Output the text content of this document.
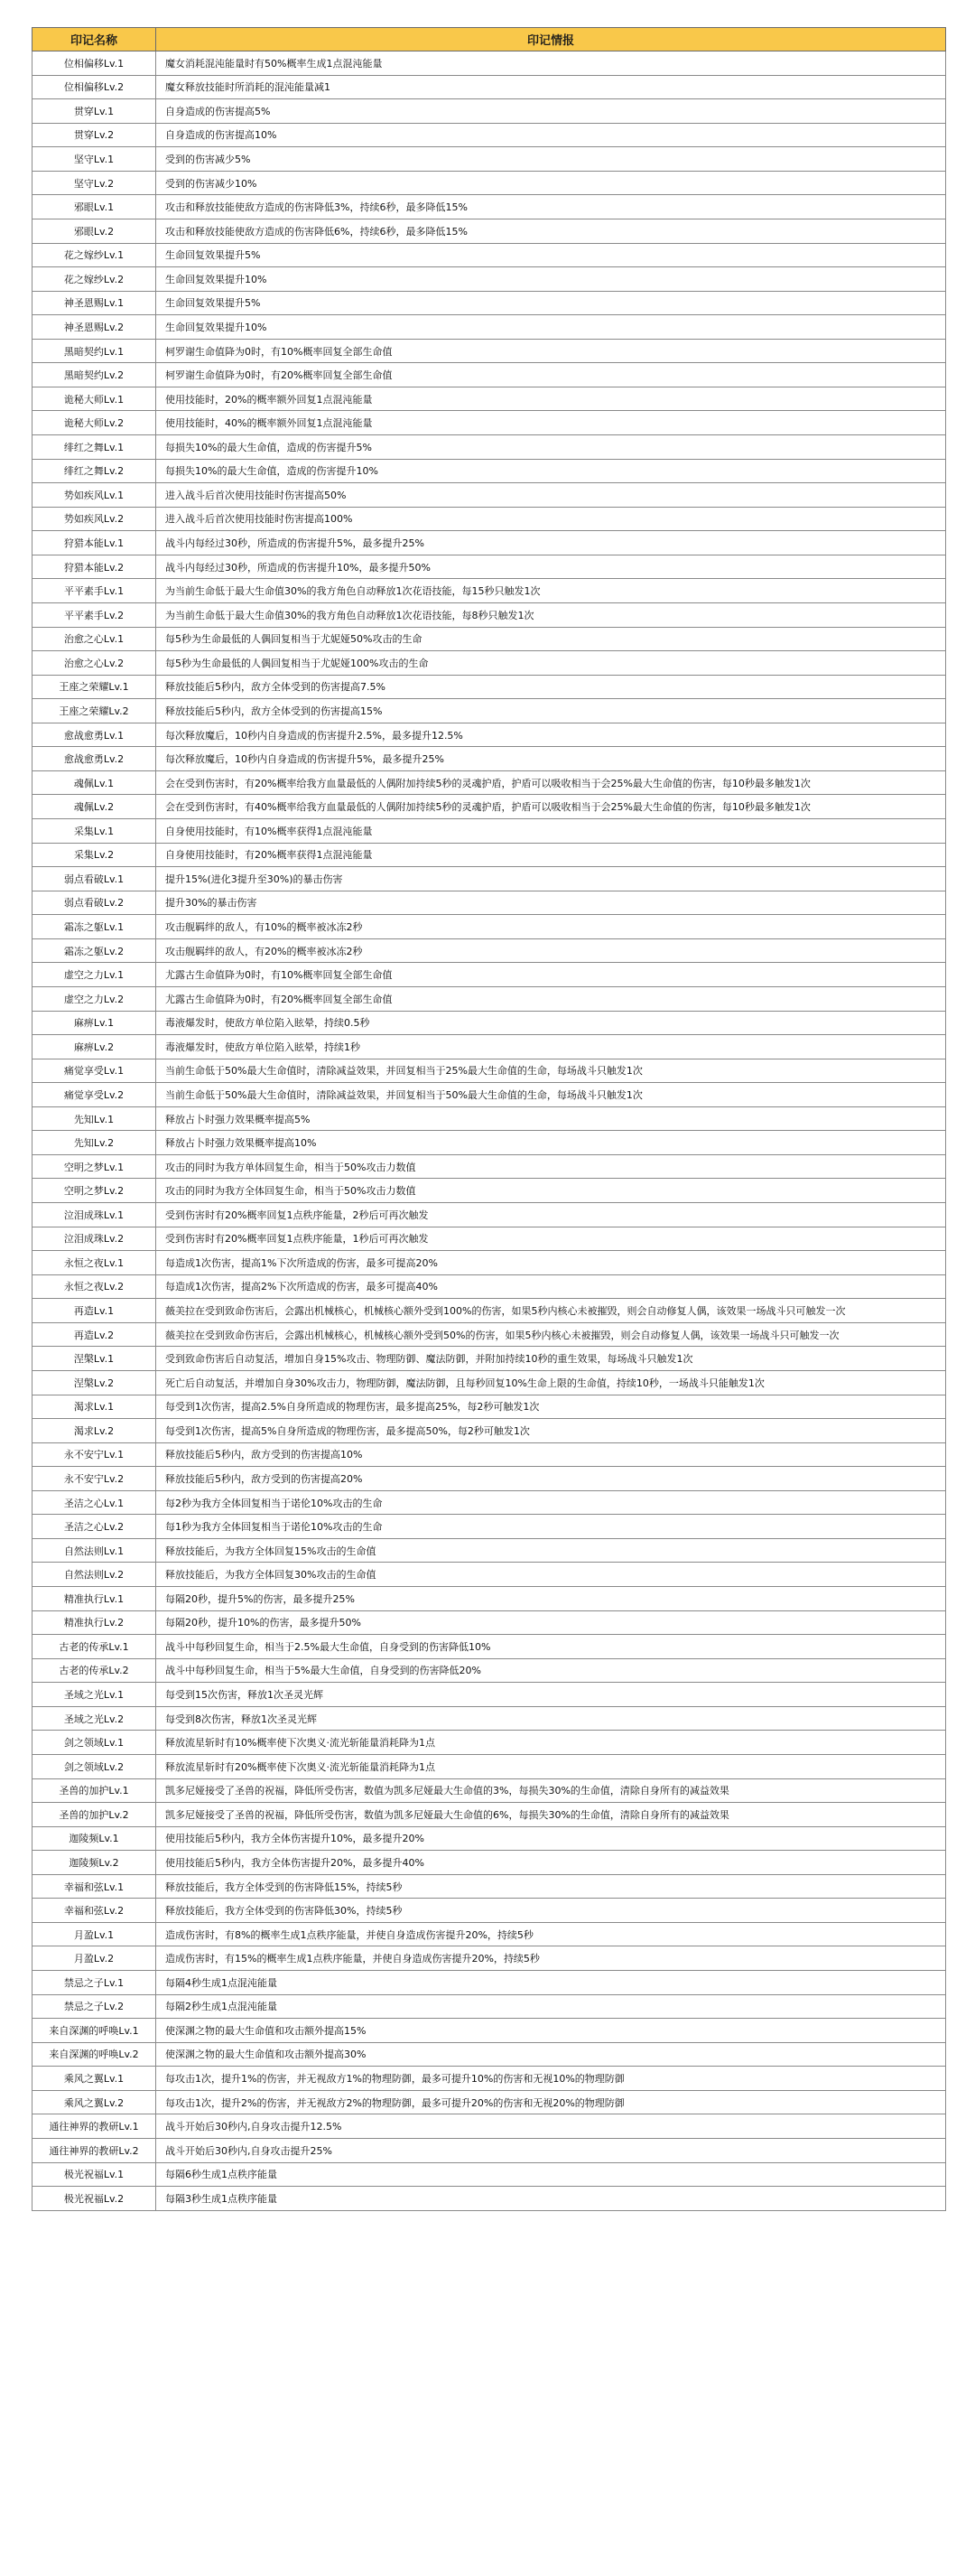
印记名称	印记情报
位相偏移Lv.1	魔女消耗混沌能量时有50%概率生成1点混沌能量
位相偏移Lv.2	魔女释放技能时所消耗的混沌能量减1
贯穿Lv.1	自身造成的伤害提高5%
贯穿Lv.2	自身造成的伤害提高10%
坚守Lv.1	受到的伤害减少5%
坚守Lv.2	受到的伤害减少10%
邪眼Lv.1	攻击和释放技能使敌方造成的伤害降低3%，持续6秒，最多降低15%
邪眼Lv.2	攻击和释放技能使敌方造成的伤害降低6%，持续6秒，最多降低15%
花之嫁纱Lv.1	生命回复效果提升5%
花之嫁纱Lv.2	生命回复效果提升10%
神圣恩赐Lv.1	生命回复效果提升5%
神圣恩赐Lv.2	生命回复效果提升10%
黑暗契约Lv.1	柯罗谢生命值降为0时，有10%概率回复全部生命值
黑暗契约Lv.2	柯罗谢生命值降为0时，有20%概率回复全部生命值
诡秘大师Lv.1	使用技能时，20%的概率额外回复1点混沌能量
诡秘大师Lv.2	使用技能时，40%的概率额外回复1点混沌能量
绯红之舞Lv.1	每损失10%的最大生命值，造成的伤害提升5%
绯红之舞Lv.2	每损失10%的最大生命值，造成的伤害提升10%
势如疾风Lv.1	进入战斗后首次使用技能时伤害提高50%
势如疾风Lv.2	进入战斗后首次使用技能时伤害提高100%
狩猎本能Lv.1	战斗内每经过30秒，所造成的伤害提升5%，最多提升25%
狩猎本能Lv.2	战斗内每经过30秒，所造成的伤害提升10%，最多提升50%
平平素手Lv.1	为当前生命低于最大生命值30%的我方角色自动释放1次花语技能，每15秒只触发1次
平平素手Lv.2	为当前生命低于最大生命值30%的我方角色自动释放1次花语技能，每8秒只触发1次
治愈之心Lv.1	每5秒为生命最低的人偶回复相当于尤妮娅50%攻击的生命
治愈之心Lv.2	每5秒为生命最低的人偶回复相当于尤妮娅100%攻击的生命
王座之荣耀Lv.1	释放技能后5秒内，敌方全体受到的伤害提高7.5%
王座之荣耀Lv.2	释放技能后5秒内，敌方全体受到的伤害提高15%
愈战愈勇Lv.1	每次释放魔后，10秒内自身造成的伤害提升2.5%，最多提升12.5%
愈战愈勇Lv.2	每次释放魔后，10秒内自身造成的伤害提升5%，最多提升25%
魂佩Lv.1	会在受到伤害时，有20%概率给我方血量最低的人偶附加持续5秒的灵魂护盾，护盾可以吸收相当于会25%最大生命值的伤害，每10秒最多触发1次
魂佩Lv.2	会在受到伤害时，有40%概率给我方血量最低的人偶附加持续5秒的灵魂护盾，护盾可以吸收相当于会25%最大生命值的伤害，每10秒最多触发1次
采集Lv.1	自身使用技能时，有10%概率获得1点混沌能量
采集Lv.2	自身使用技能时，有20%概率获得1点混沌能量
弱点看破Lv.1	提升15%(进化3提升至30%)的暴击伤害
弱点看破Lv.2	提升30%的暴击伤害
霜冻之躯Lv.1	攻击舰羁绊的敌人，有10%的概率被冰冻2秒
霜冻之躯Lv.2	攻击舰羁绊的敌人，有20%的概率被冰冻2秒
虚空之力Lv.1	尤露古生命值降为0时，有10%概率回复全部生命值
虚空之力Lv.2	尤露古生命值降为0时，有20%概率回复全部生命值
麻痹Lv.1	毒液爆发时，使敌方单位陷入眩晕，持续0.5秒
麻痹Lv.2	毒液爆发时，使敌方单位陷入眩晕，持续1秒
痛觉享受Lv.1	当前生命低于50%最大生命值时，清除减益效果，并回复相当于25%最大生命值的生命，每场战斗只触发1次
痛觉享受Lv.2	当前生命低于50%最大生命值时，清除减益效果，并回复相当于50%最大生命值的生命，每场战斗只触发1次
先知Lv.1	释放占卜时强力效果概率提高5%
先知Lv.2	释放占卜时强力效果概率提高10%
空明之梦Lv.1	攻击的同时为我方单体回复生命，相当于50%攻击力数值
空明之梦Lv.2	攻击的同时为我方全体回复生命，相当于50%攻击力数值
泣泪成珠Lv.1	受到伤害时有20%概率回复1点秩序能量，2秒后可再次触发
泣泪成珠Lv.2	受到伤害时有20%概率回复1点秩序能量，1秒后可再次触发
永恒之夜Lv.1	每造成1次伤害，提高1%下次所造成的伤害，最多可提高20%
永恒之夜Lv.2	每造成1次伤害，提高2%下次所造成的伤害，最多可提高40%
再造Lv.1	薇美拉在受到致命伤害后，会露出机械核心，机械核心额外受到100%的伤害，如果5秒内核心未被摧毁，则会自动修复人偶，该效果一场战斗只可触发一次
再造Lv.2	薇美拉在受到致命伤害后，会露出机械核心，机械核心额外受到50%的伤害，如果5秒内核心未被摧毁，则会自动修复人偶，该效果一场战斗只可触发一次
涅槃Lv.1	受到致命伤害后自动复活，增加自身15%攻击、物理防御、魔法防御，并附加持续10秒的重生效果，每场战斗只触发1次
涅槃Lv.2	死亡后自动复活，并增加自身30%攻击力，物理防御，魔法防御，且每秒回复10%生命上限的生命值，持续10秒，一场战斗只能触发1次
渴求Lv.1	每受到1次伤害，提高2.5%自身所造成的物理伤害，最多提高25%，每2秒可触发1次
渴求Lv.2	每受到1次伤害，提高5%自身所造成的物理伤害，最多提高50%，每2秒可触发1次
永不安宁Lv.1	释放技能后5秒内，敌方受到的伤害提高10%
永不安宁Lv.2	释放技能后5秒内，敌方受到的伤害提高20%
圣洁之心Lv.1	每2秒为我方全体回复相当于诺伦10%攻击的生命
圣洁之心Lv.2	每1秒为我方全体回复相当于诺伦10%攻击的生命
自然法则Lv.1	释放技能后，为我方全体回复15%攻击的生命值
自然法则Lv.2	释放技能后，为我方全体回复30%攻击的生命值
精准执行Lv.1	每隔20秒，提升5%的伤害，最多提升25%
精准执行Lv.2	每隔20秒，提升10%的伤害，最多提升50%
古老的传承Lv.1	战斗中每秒回复生命，相当于2.5%最大生命值，自身受到的伤害降低10%
古老的传承Lv.2	战斗中每秒回复生命，相当于5%最大生命值，自身受到的伤害降低20%
圣域之光Lv.1	每受到15次伤害，释放1次圣灵光辉
圣域之光Lv.2	每受到8次伤害，释放1次圣灵光辉
剑之领域Lv.1	释放流星斩时有10%概率使下次奥义·流光斩能量消耗降为1点
剑之领域Lv.2	释放流星斩时有20%概率使下次奥义·流光斩能量消耗降为1点
圣兽的加护Lv.1	凯多尼娅接受了圣兽的祝福，降低所受伤害，数值为凯多尼娅最大生命值的3%，每损失30%的生命值，清除自身所有的减益效果
圣兽的加护Lv.2	凯多尼娅接受了圣兽的祝福，降低所受伤害，数值为凯多尼娅最大生命值的6%，每损失30%的生命值，清除自身所有的减益效果
迦陵频Lv.1	使用技能后5秒内，我方全体伤害提升10%，最多提升20%
迦陵频Lv.2	使用技能后5秒内，我方全体伤害提升20%，最多提升40%
幸福和弦Lv.1	释放技能后，我方全体受到的伤害降低15%，持续5秒
幸福和弦Lv.2	释放技能后，我方全体受到的伤害降低30%，持续5秒
月盈Lv.1	造成伤害时，有8%的概率生成1点秩序能量，并使自身造成伤害提升20%，持续5秒
月盈Lv.2	造成伤害时，有15%的概率生成1点秩序能量，并使自身造成伤害提升20%，持续5秒
禁忌之子Lv.1	每隔4秒生成1点混沌能量
禁忌之子Lv.2	每隔2秒生成1点混沌能量
来自深渊的呼唤Lv.1	使深渊之物的最大生命值和攻击额外提高15%
来自深渊的呼唤Lv.2	使深渊之物的最大生命值和攻击额外提高30%
乘风之翼Lv.1	每攻击1次，提升1%的伤害，并无视敌方1%的物理防御，最多可提升10%的伤害和无视10%的物理防御
乘风之翼Lv.2	每攻击1次，提升2%的伤害，并无视敌方2%的物理防御，最多可提升20%的伤害和无视20%的物理防御
通往神界的教研Lv.1	战斗开始后30秒内,自身攻击提升12.5%
通往神界的教研Lv.2	战斗开始后30秒内,自身攻击提升25%
极光祝福Lv.1	每隔6秒生成1点秩序能量
极光祝福Lv.2	每隔3秒生成1点秩序能量
